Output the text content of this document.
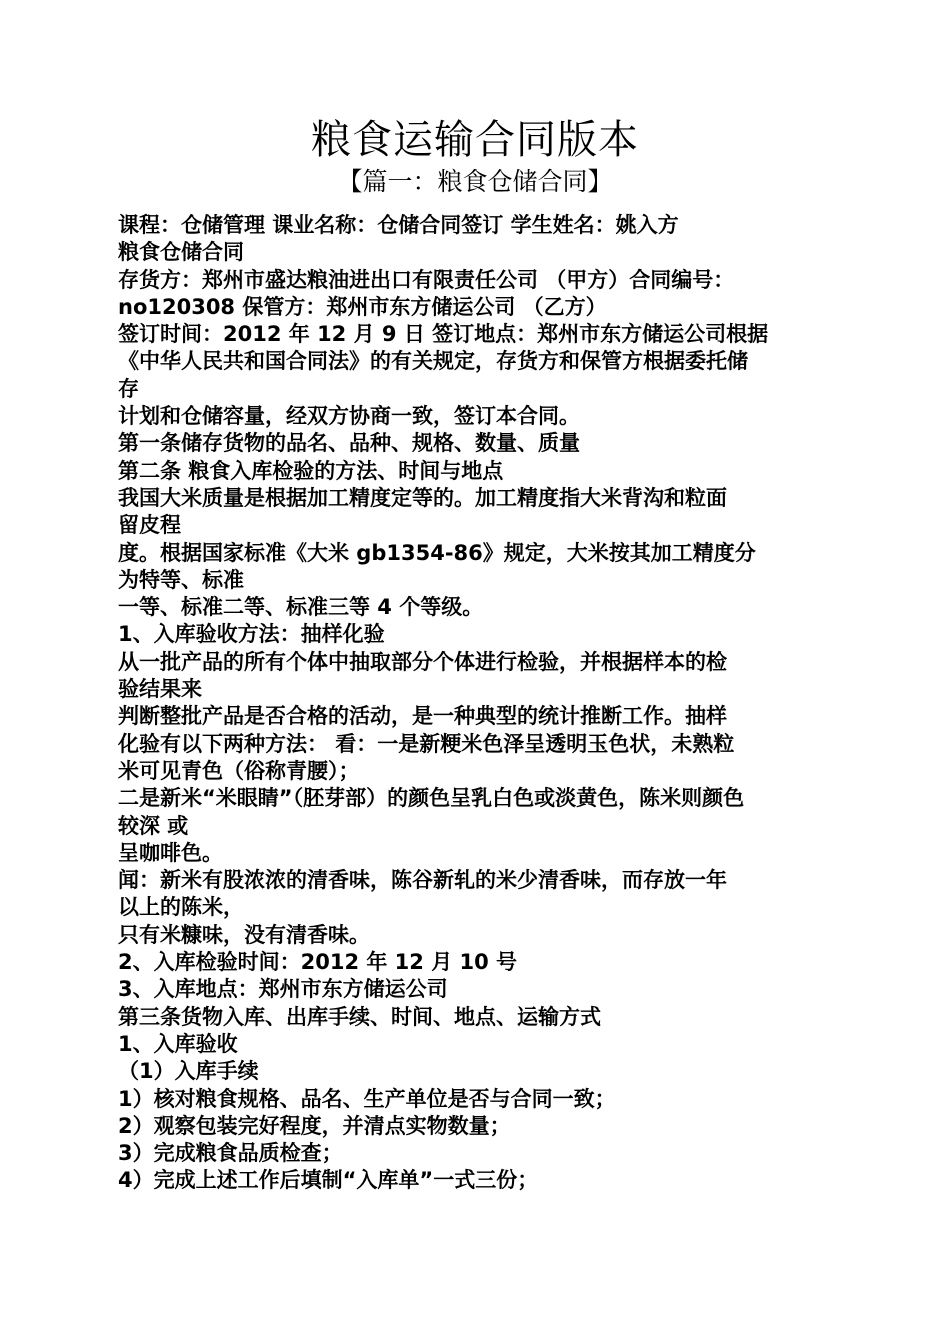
粮食运输合同版本
【篇一：粮食仓储合同】
课程：仓储管理 课业名称：仓储合同签订 学生姓名：姚入方
粮食仓储合同
存货方：郑州市盛达粮油进出口有限责任公司 （甲方）合同编号：
no120308 保管方：郑州市东方储运公司 （乙方）
签订时间：2012 年 12 月 9 日 签订地点：郑州市东方储运公司根据
《中华人民共和国合同法》的有关规定，存货方和保管方根据委托储
存
计划和仓储容量，经双方协商一致，签订本合同。
第一条储存货物的品名、品种、规格、数量、质量
第二条 粮食入库检验的方法、时间与地点
我国大米质量是根据加工精度定等的。加工精度指大米背沟和粒面
留皮程
度。根据国家标准《大米 gb1354-86》规定，大米按其加工精度分
为特等、标准
一等、标准二等、标准三等 4 个等级。
1、入库验收方法：抽样化验
从一批产品的所有个体中抽取部分个体进行检验，并根据样本的检
验结果来
判断整批产品是否合格的活动，是一种典型的统计推断工作。抽样
化验有以下两种方法： 看：一是新粳米色泽呈透明玉色状，未熟粒
米可见青色（俗称青腰）；
二是新米“米眼睛”（胚芽部）的颜色呈乳白色或淡黄色，陈米则颜色
较深 或
呈咖啡色。
闻：新米有股浓浓的清香味，陈谷新轧的米少清香味，而存放一年
以上的陈米，
只有米糠味，没有清香味。
2、入库检验时间：2012 年 12 月 10 号
3、入库地点：郑州市东方储运公司
第三条货物入库、出库手续、时间、地点、运输方式
1、入库验收
（1）入库手续
1）核对粮食规格、品名、生产单位是否与合同一致；
2）观察包装完好程度，并清点实物数量；
3）完成粮食品质检查；
4）完成上述工作后填制“入库单”一式三份；
